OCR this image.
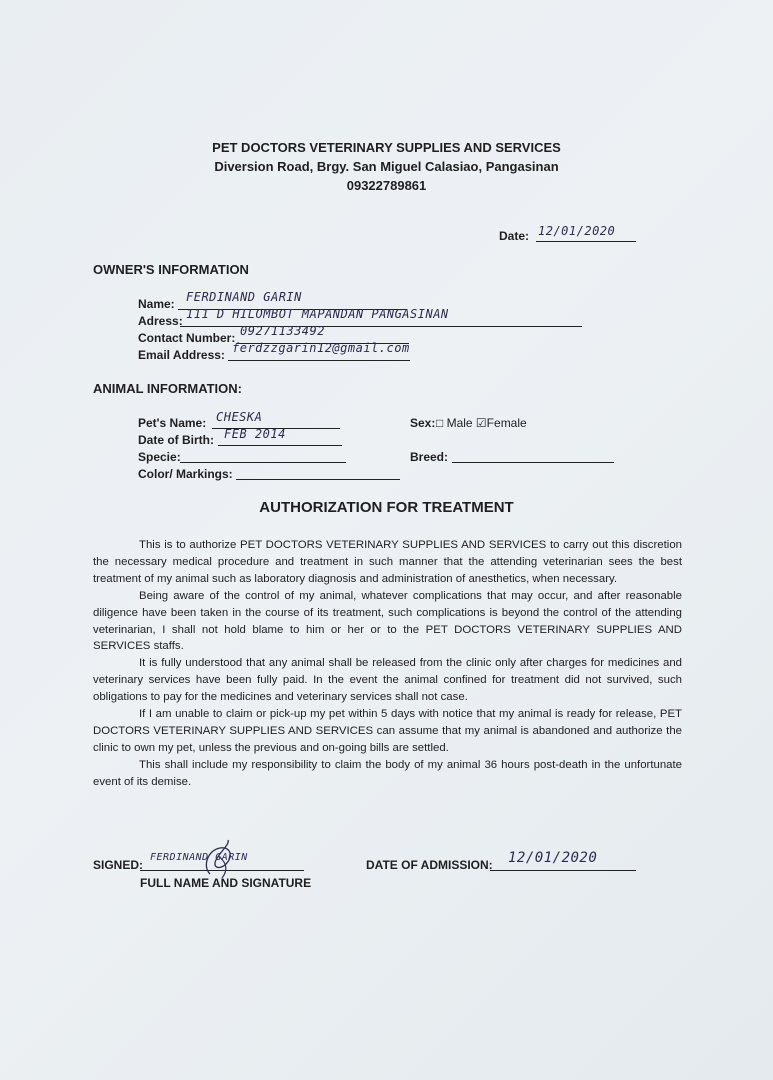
PET DOCTORS VETERINARY SUPPLIES AND SERVICES
Diversion Road, Brgy. San Miguel Calasiao, Pangasinan
09322789861
Date: 12/01/2020
OWNER'S INFORMATION
Name: FERDINAND GARIN
Adress: 111 D HILOMBOT MAPANDAN PANGASINAN
Contact Number: 09271133492
Email Address: ferdzzgarin12@gmail.com
ANIMAL INFORMATION:
Pet's Name: CHESKA
Date of Birth: FEB 2014
Specie:
Color/ Markings:
Sex: □ Male ☑Female
Breed:
AUTHORIZATION FOR TREATMENT

This is to authorize PET DOCTORS VETERINARY SUPPLIES AND SERVICES to carry out this discretion the necessary medical procedure and treatment in such manner that the attending veterinarian sees the best treatment of my animal such as laboratory diagnosis and administration of anesthetics, when necessary.

Being aware of the control of my animal, whatever complications that may occur, and after reasonable diligence have been taken in the course of its treatment, such complications is beyond the control of the attending veterinarian, I shall not hold blame to him or her or to the PET DOCTORS VETERINARY SUPPLIES AND SERVICES staffs.

It is fully understood that any animal shall be released from the clinic only after charges for medicines and veterinary services have been fully paid. In the event the animal confined for treatment did not survived, such obligations to pay for the medicines and veterinary services shall not case.

If I am unable to claim or pick-up my pet within 5 days with notice that my animal is ready for release, PET DOCTORS VETERINARY SUPPLIES AND SERVICES can assume that my animal is abandoned and authorize the clinic to own my pet, unless the previous and on-going bills are settled.

This shall include my responsibility to claim the body of my animal 36 hours post-death in the unfortunate event of its demise.

SIGNED:
FERDINAND GARIN
FULL NAME AND SIGNATURE
DATE OF ADMISSION: 12/01/2020
